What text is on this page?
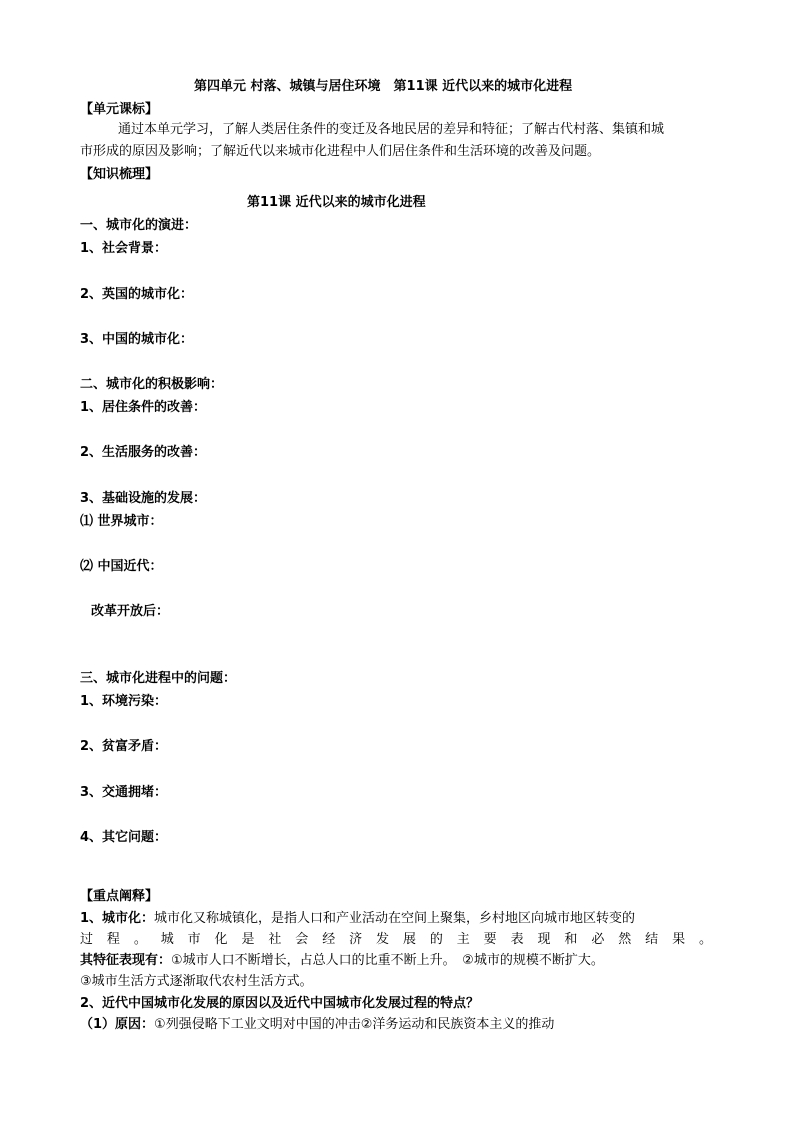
第四单元 村落、城镇与居住环境　第11课 近代以来的城市化进程
【单元课标】
通过本单元学习，了解人类居住条件的变迁及各地民居的差异和特征；了解古代村落、集镇和城
市形成的原因及影响；了解近代以来城市化进程中人们居住条件和生活环境的改善及问题。
【知识梳理】
第11课 近代以来的城市化进程
一、城市化的演进：
1、社会背景：
2、英国的城市化：
3、中国的城市化：
二、城市化的积极影响：
1、居住条件的改善：
2、生活服务的改善：
3、基础设施的发展：
⑴ 世界城市：
⑵ 中国近代：
改革开放后：
三、城市化进程中的问题：
1、环境污染：
2、贫富矛盾：
3、交通拥堵：
4、其它问题：
【重点阐释】
1、城市化：城市化又称城镇化，是指人口和产业活动在空间上聚集，乡村地区向城市地区转变的
过程。城市化是社会经济发展的主要表现和必然结果。
其特征表现有：①城市人口不断增长，占总人口的比重不断上升。　②城市的规模不断扩大。
③城市生活方式逐渐取代农村生活方式。
2、近代中国城市化发展的原因以及近代中国城市化发展过程的特点？
（1）原因：①列强侵略下工业文明对中国的冲击②洋务运动和民族资本主义的推动
